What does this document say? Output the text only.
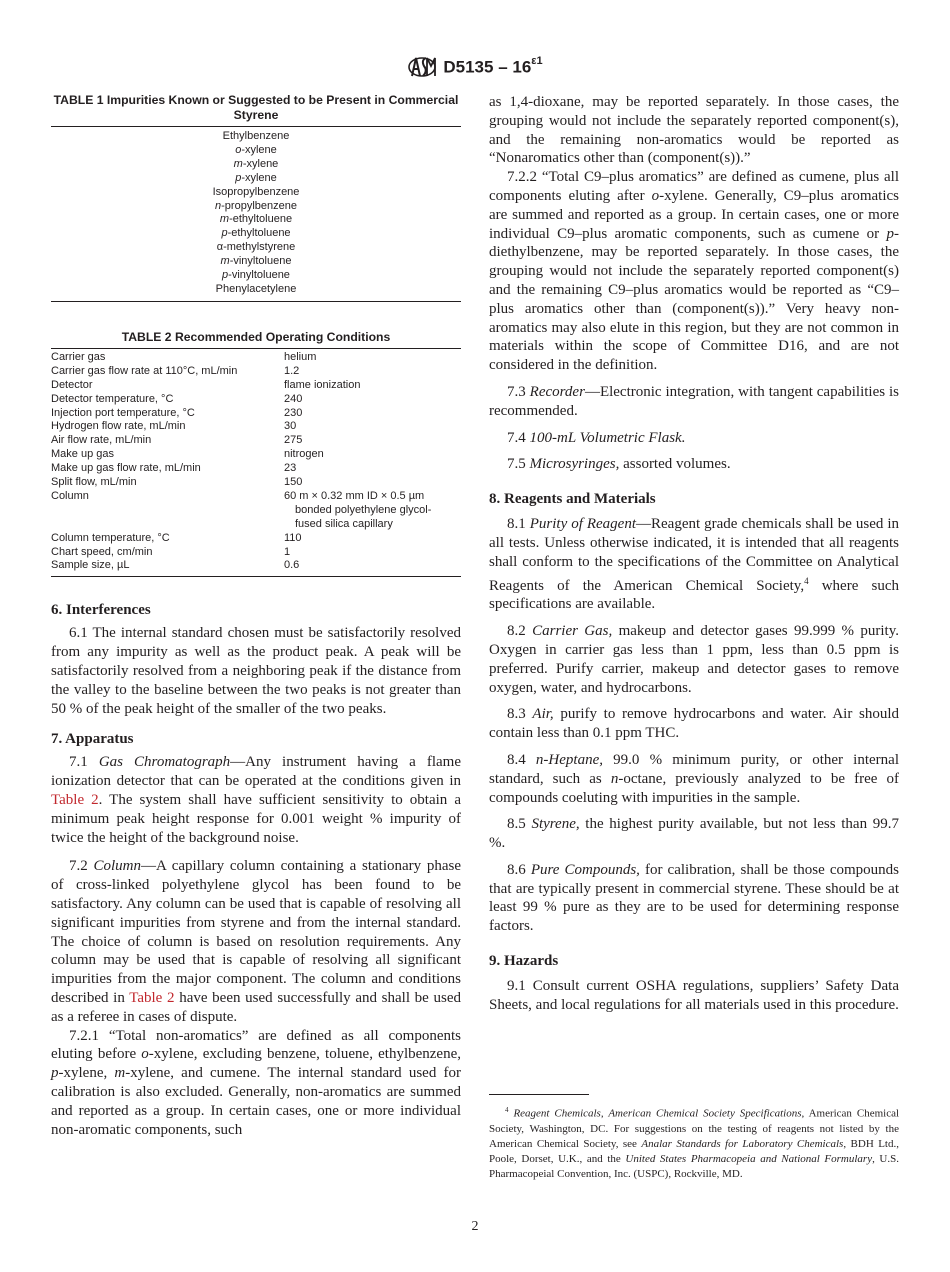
$D5135 - 16^{\varepsilon 1}$
TABLE 1 Impurities Known or Suggested to be Present in Commercial Styrene
Ethylbenzene
o-xylene
m-xylene
p-xylene
Isopropylbenzene
n-propylbenzene
m-ethyltoluene
p-ethyltoluene
α-methylstyrene
m-vinyltoluene
p-vinyltoluene
Phenylacetylene
TABLE 2 Recommended Operating Conditions
Carrier gas	helium
Carrier gas flow rate at 110°C, mL/min	1.2
Detector	flame ionization
Detector temperature, °C	240
Injection port temperature, °C	230
Hydrogen flow rate, mL/min	30
Air flow rate, mL/min	275
Make up gas	nitrogen
Make up gas flow rate, mL/min	23
Split flow, mL/min	150
Column	60 m × 0.32 mm ID × 0.5 µm
bonded polyethylene glycol-
fused silica capillary

Column temperature, °C	110
Chart speed, cm/min	1
Sample size, µL	0.6
6. Interferences

6.1 The internal standard chosen must be satisfactorily resolved from any impurity as well as the product peak. A peak will be satisfactorily resolved from a neighboring peak if the distance from the valley to the baseline between the two peaks is not greater than 50 % of the peak height of the smaller of the two peaks.

7. Apparatus

7.1 Gas Chromatograph—Any instrument having a flame ionization detector that can be operated at the conditions given in Table 2. The system shall have sufficient sensitivity to obtain a minimum peak height response for 0.001 weight % impurity of twice the height of the background noise.

7.2 Column—A capillary column containing a stationary phase of cross-linked polyethylene glycol has been found to be satisfactory. Any column can be used that is capable of resolving all significant impurities from styrene and from the internal standard. The choice of column is based on resolution requirements. Any column may be used that is capable of resolving all significant impurities from the major component. The column and conditions described in Table 2 have been used successfully and shall be used as a referee in cases of dispute.

7.2.1 “Total non-aromatics” are defined as all components eluting before o-xylene, excluding benzene, toluene, ethylbenzene, p-xylene, m-xylene, and cumene. The internal standard used for calibration is also excluded. Generally, non-aromatics are summed and reported as a group. In certain cases, one or more individual non-aromatic components, such

as 1,4-dioxane, may be reported separately. In those cases, the grouping would not include the separately reported component(s), and the remaining non-aromatics would be reported as “Nonaromatics other than (component(s)).”

7.2.2 “Total C9–plus aromatics” are defined as cumene, plus all components eluting after o-xylene. Generally, C9–plus aromatics are summed and reported as a group. In certain cases, one or more individual C9–plus aromatic components, such as cumene or p-diethylbenzene, may be reported separately. In those cases, the grouping would not include the separately reported component(s) and the remaining C9–plus aromatics would be reported as “C9–plus aromatics other than (component(s)).” Very heavy non-aromatics may also elute in this region, but they are not common in materials within the scope of Committee D16, and are not considered in the definition.

7.3 Recorder—Electronic integration, with tangent capabilities is recommended.

7.4 100-mL Volumetric Flask.

7.5 Microsyringes, assorted volumes.

8. Reagents and Materials

8.1 Purity of Reagent—Reagent grade chemicals shall be used in all tests. Unless otherwise indicated, it is intended that all reagents shall conform to the specifications of the Committee on Analytical Reagents of the American Chemical Society,$^4$ where such specifications are available.

8.2 Carrier Gas, makeup and detector gases 99.999 % purity. Oxygen in carrier gas less than 1 ppm, less than 0.5 ppm is preferred. Purify carrier, makeup and detector gases to remove oxygen, water, and hydrocarbons.

8.3 Air, purify to remove hydrocarbons and water. Air should contain less than 0.1 ppm THC.

8.4 n-Heptane, 99.0 % minimum purity, or other internal standard, such as n-octane, previously analyzed to be free of compounds coeluting with impurities in the sample.

8.5 Styrene, the highest purity available, but not less than 99.7 %.

8.6 Pure Compounds, for calibration, shall be those compounds that are typically present in commercial styrene. These should be at least 99 % pure as they are to be used for determining response factors.

9. Hazards

9.1 Consult current OSHA regulations, suppliers’ Safety Data Sheets, and local regulations for all materials used in this procedure.

$^4$ Reagent Chemicals, American Chemical Society Specifications, American Chemical Society, Washington, DC. For suggestions on the testing of reagents not listed by the American Chemical Society, see Analar Standards for Laboratory Chemicals, BDH Ltd., Poole, Dorset, U.K., and the United States Pharmacopeia and National Formulary, U.S. Pharmacopeial Convention, Inc. (USPC), Rockville, MD.

2
